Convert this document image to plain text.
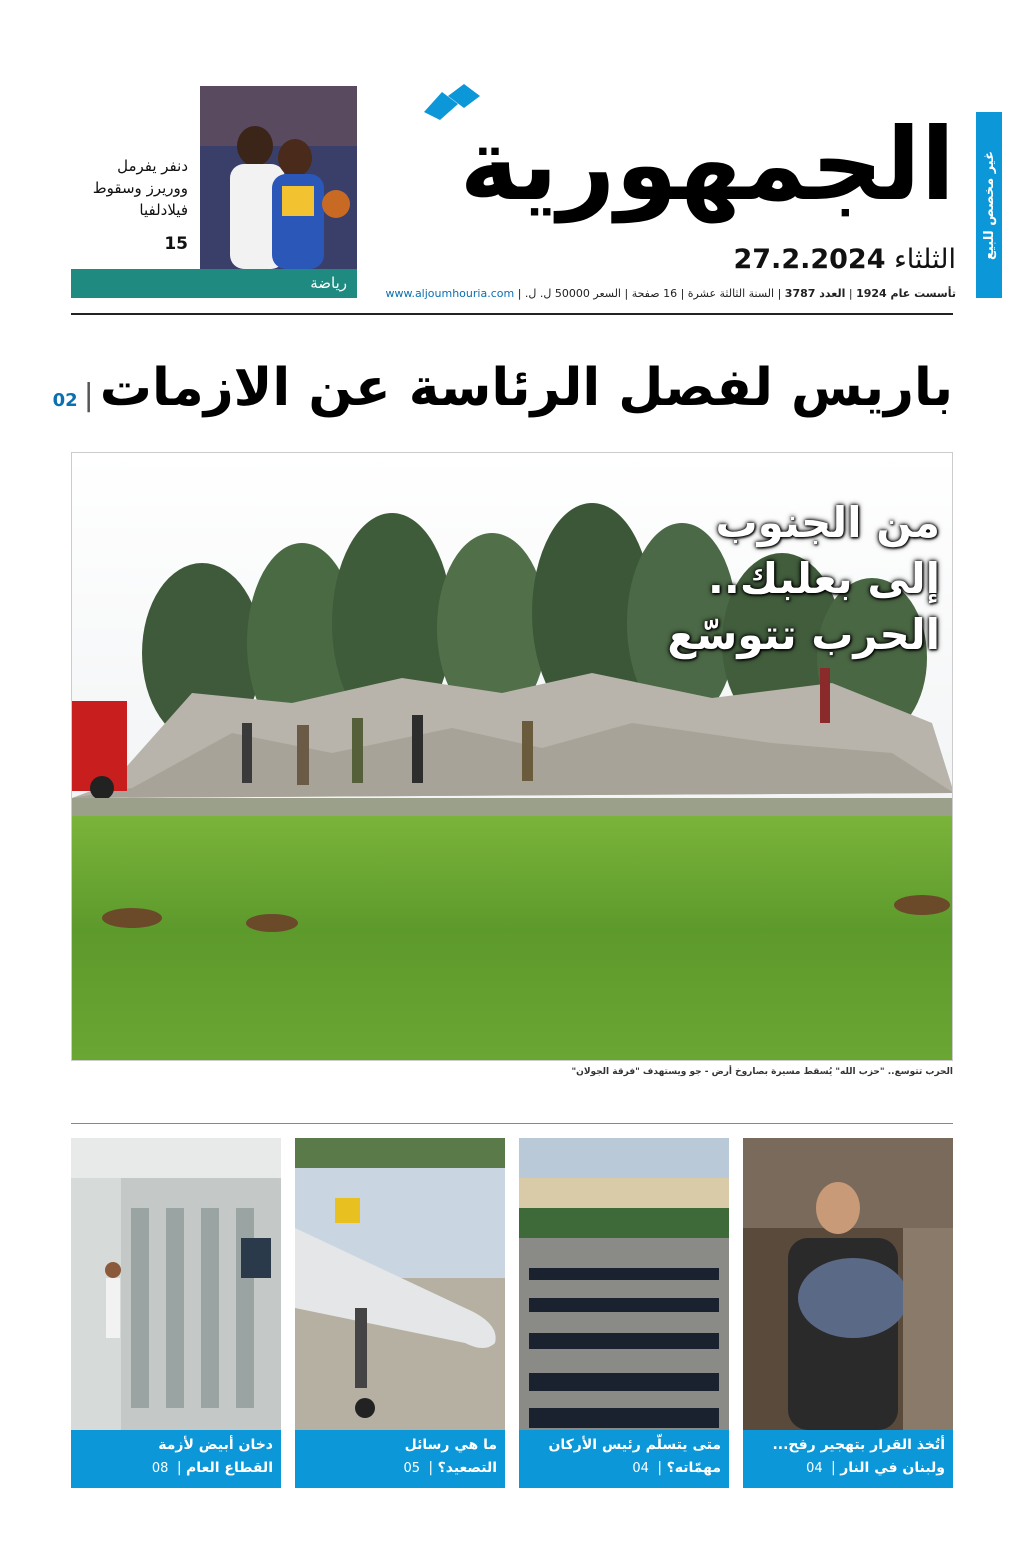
غير مخصص للبيع
الجمهورية
الثلثاء 27.2.2024
تأسست عام 1924 | العدد 3787 | السنة الثالثة عشرة | 16 صفحة | السعر 50000 ل. ل. | www.aljoumhouria.com
دنفر يفرمل
ووريرز وسقوط
فيلادلفيا
15
رياضة
باريس لفصل الرئاسة عن الازمات|02
من الجنوب
إلى بعلبك..
الحرب تتوسّع
الحرب تتوسع.. "حزب الله" يُسقط مسيرة بصاروخ أرض - جو ويستهدف "فرقة الجولان"
أتُخذ القرار بتهجير رفح...
ولبنان في النار | 04
متى يتسلّم رئيس الأركان
مهمّاته؟ | 04
ما هي رسائل
التصعيد؟ | 05
دخان أبيض لأزمة
القطاع العام | 08
